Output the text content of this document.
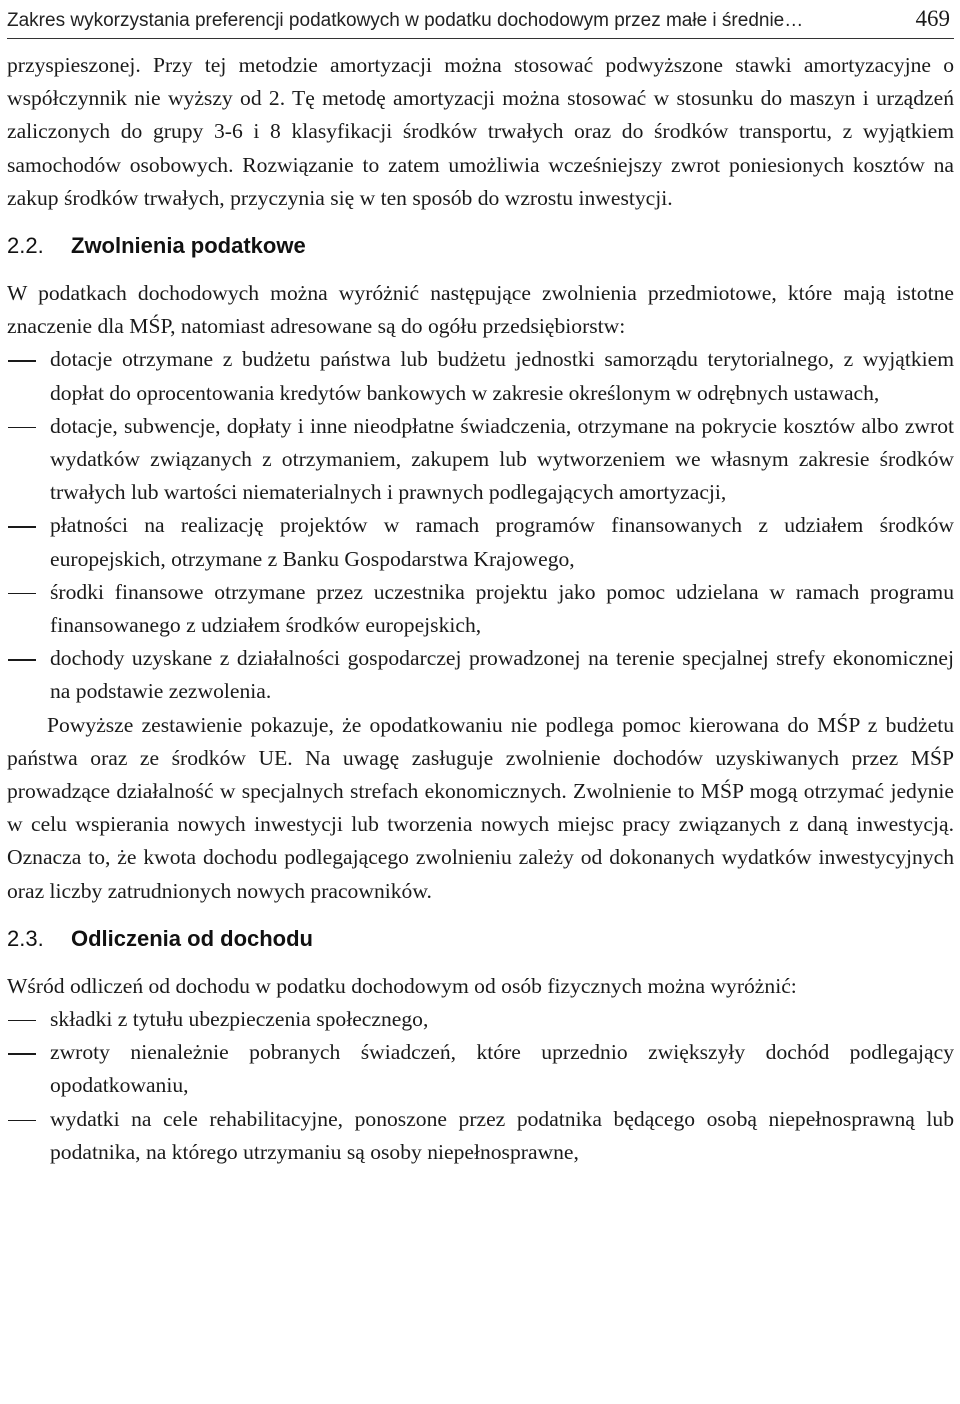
Zakres wykorzystania preferencji podatkowych w podatku dochodowym przez małe i średnie…	469

przyspieszonej. Przy tej metodzie amortyzacji można stosować podwyższone stawki amortyzacyjne o współczynnik nie wyższy od 2. Tę metodę amortyzacji można stosować w stosunku do maszyn i urządzeń zaliczonych do grupy 3-6 i 8 klasyfikacji środków trwałych oraz do środków transportu, z wyjątkiem samochodów osobowych. Rozwiązanie to zatem umożliwia wcześniejszy zwrot poniesionych kosztów na zakup środków trwałych, przyczynia się w ten sposób do wzrostu inwestycji.

2.2. Zwolnienia podatkowe

W podatkach dochodowych można wyróżnić następujące zwolnienia przedmiotowe, które mają istotne znaczenie dla MŚP, natomiast adresowane są do ogółu przedsiębiorstw:

dotacje otrzymane z budżetu państwa lub budżetu jednostki samorządu terytorialnego, z wyjątkiem dopłat do oprocentowania kredytów bankowych w zakresie określonym w odrębnych ustawach,
dotacje, subwencje, dopłaty i inne nieodpłatne świadczenia, otrzymane na pokrycie kosztów albo zwrot wydatków związanych z otrzymaniem, zakupem lub wytworzeniem we własnym zakresie środków trwałych lub wartości niematerialnych i prawnych podlegających amortyzacji,
płatności na realizację projektów w ramach programów finansowanych z udziałem środków europejskich, otrzymane z Banku Gospodarstwa Krajowego,
środki finansowe otrzymane przez uczestnika projektu jako pomoc udzielana w ramach programu finansowanego z udziałem środków europejskich,
dochody uzyskane z działalności gospodarczej prowadzonej na terenie specjalnej strefy ekonomicznej na podstawie zezwolenia.

Powyższe zestawienie pokazuje, że opodatkowaniu nie podlega pomoc kierowana do MŚP z budżetu państwa oraz ze środków UE. Na uwagę zasługuje zwolnienie dochodów uzyskiwanych przez MŚP prowadzące działalność w specjalnych strefach ekonomicznych. Zwolnienie to MŚP mogą otrzymać jedynie w celu wspierania nowych inwestycji lub tworzenia nowych miejsc pracy związanych z daną inwestycją. Oznacza to, że kwota dochodu podlegającego zwolnieniu zależy od dokonanych wydatków inwestycyjnych oraz liczby zatrudnionych nowych pracowników.

2.3. Odliczenia od dochodu

Wśród odliczeń od dochodu w podatku dochodowym od osób fizycznych można wyróżnić:

składki z tytułu ubezpieczenia społecznego,
zwroty nienależnie pobranych świadczeń, które uprzednio zwiększyły dochód podlegający opodatkowaniu,
wydatki na cele rehabilitacyjne, ponoszone przez podatnika będącego osobą niepełnosprawną lub podatnika, na którego utrzymaniu są osoby niepełnosprawne,
